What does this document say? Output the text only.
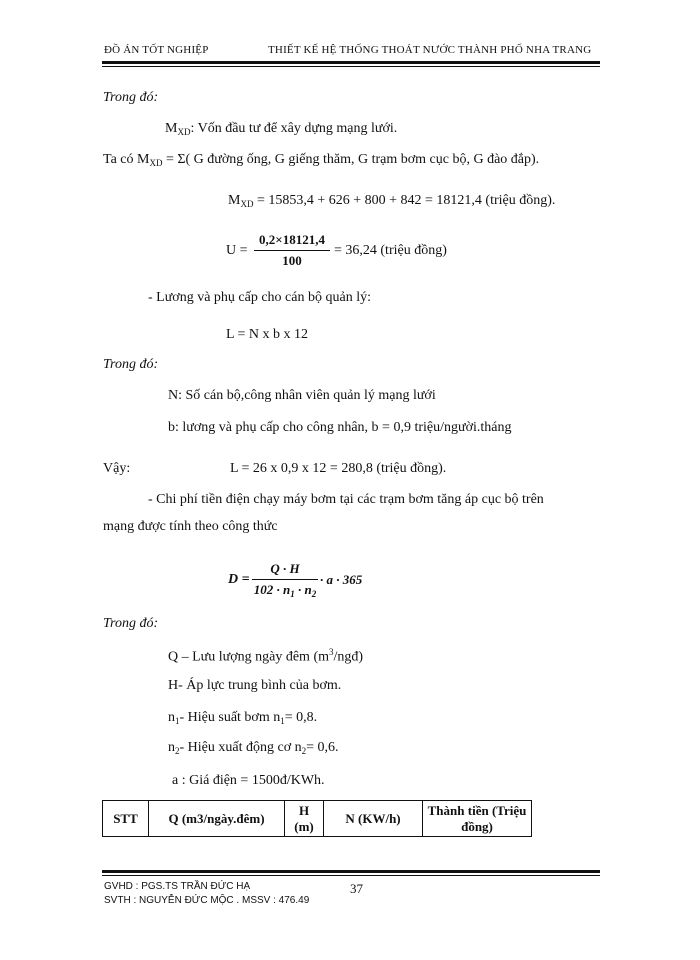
ĐỒ ÁN TỐT NGHIỆP	THIẾT KẾ HỆ THỐNG THOÁT NƯỚC THÀNH PHỐ NHA TRANG
Trong đó:
$M_{XD}$: Vốn đầu tư để xây dựng mạng lưới.
Ta có $M_{XD} = \Sigma$( G đường ống, G giếng thăm, G trạm bơm cục bộ, G đào đắp).
$M_{XD} = 15853,4 + 626 + 800 + 842 = 18121,4$ (triệu đồng).
U =
0,2×18121,4
100
= 36,24 (triệu đồng)
- Lương và phụ cấp cho cán bộ quản lý:
L = N x b x 12
Trong đó:
N: Số cán bộ,công nhân viên quản lý mạng lưới
b: lương và phụ cấp cho công nhân, b = 0,9 triệu/người.tháng
Vậy:	L = 26 x 0,9 x 12 = 280,8 (triệu đồng).
- Chi phí tiền điện chạy máy bơm tại các trạm bơm tăng áp cục bộ trên
mạng được tính theo công thức
D =
Q · H
$102 \cdot n_1 \cdot n_2$
· a · 365
Trong đó:
Q – Lưu lượng ngày đêm $(m^3/ngđ)$
H- Áp lực trung bình của bơm.
$n_1-$ Hiệu suất bơm $n_1= 0,8$.
$n_2-$ Hiệu xuất động cơ $n_2= 0,6$.
a : Giá điện = 1500đ/KWh.
STT	Q (m3/ngày.đêm)	H (m)	N (KW/h)	Thành tiền (Triệu đồng)
GVHD : PGS.TS TRẦN ĐỨC HẠ
SVTH : NGUYỄN ĐỨC MỘC . MSSV : 476.49
37
